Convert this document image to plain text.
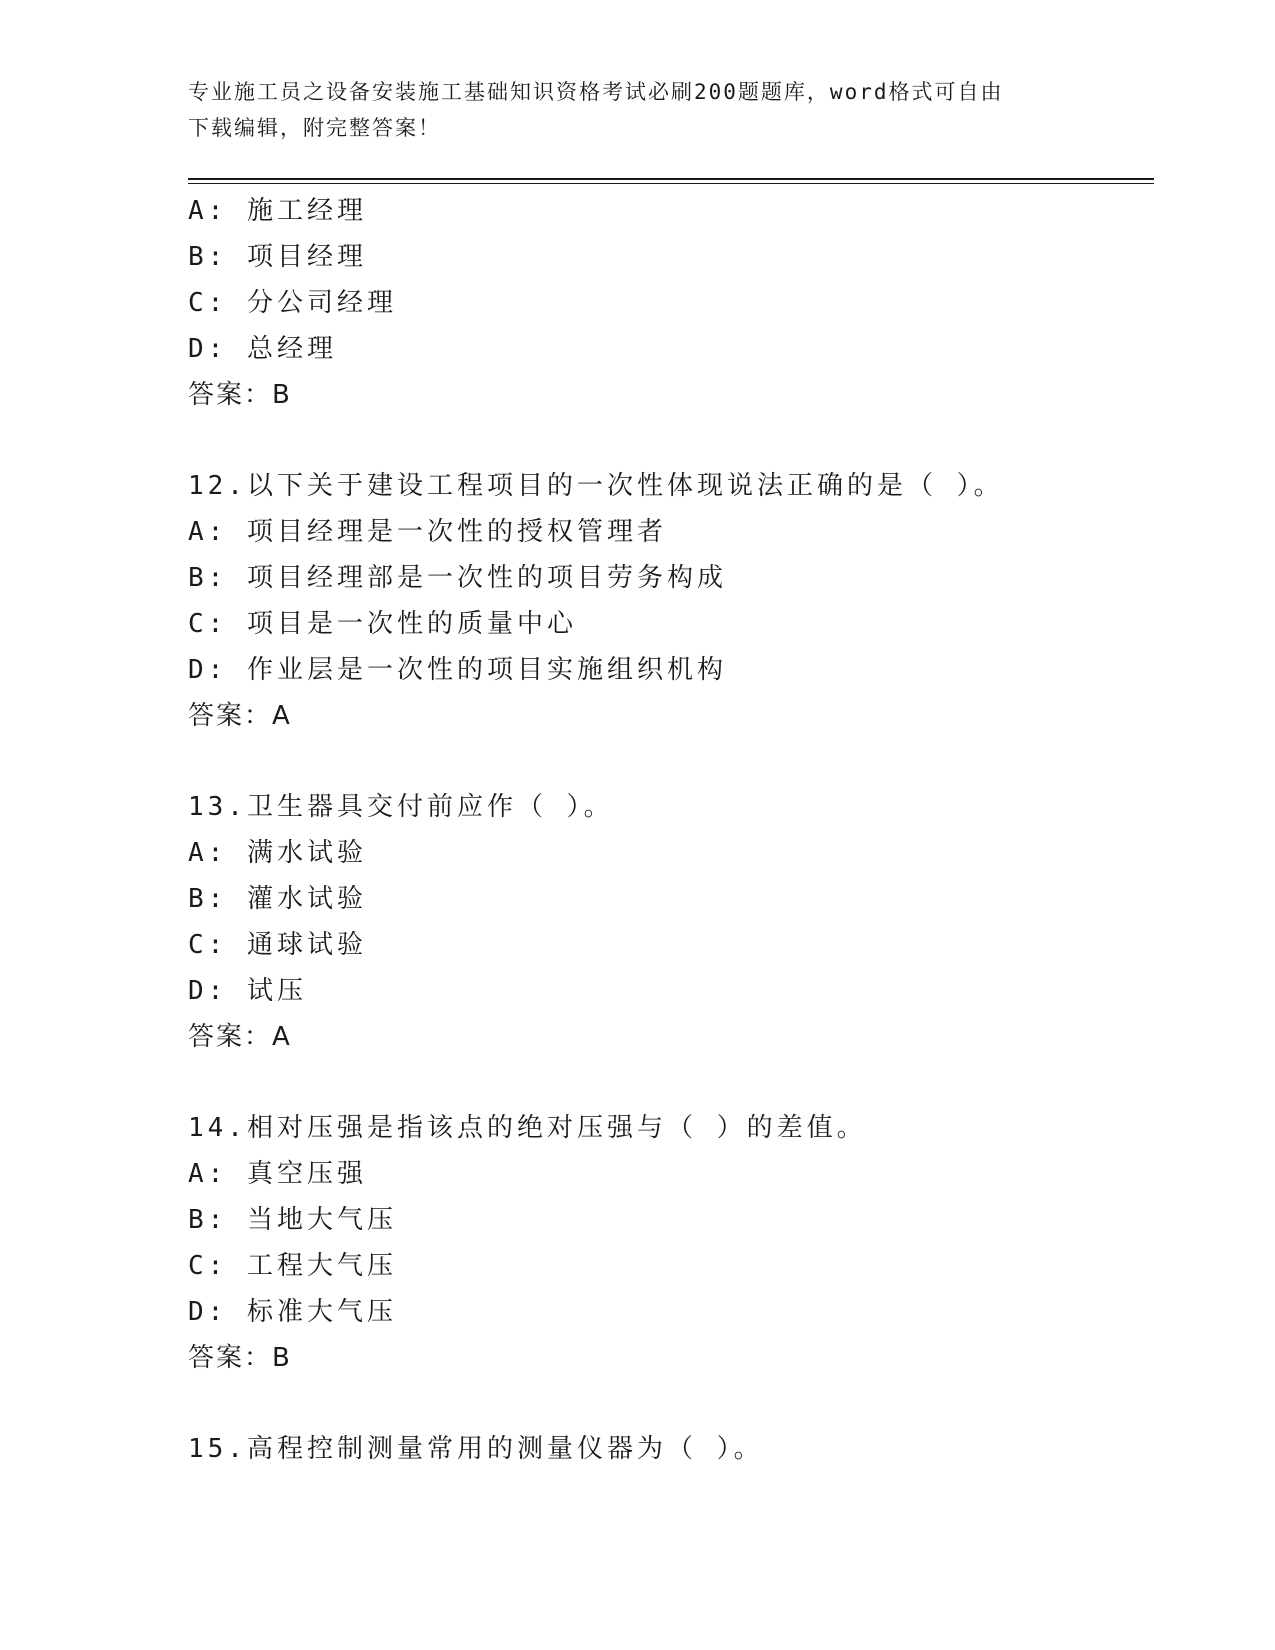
专业施工员之设备安装施工基础知识资格考试必刷200题题库，word格式可自由
下载编辑，附完整答案！
A: 施工经理
B: 项目经理
C: 分公司经理
D: 总经理
答案：B
12.以下关于建设工程项目的一次性体现说法正确的是（ ）。
A: 项目经理是一次性的授权管理者
B: 项目经理部是一次性的项目劳务构成
C: 项目是一次性的质量中心
D: 作业层是一次性的项目实施组织机构
答案：A
13.卫生器具交付前应作（ ）。
A: 满水试验
B: 灌水试验
C: 通球试验
D: 试压
答案：A
14.相对压强是指该点的绝对压强与（ ）的差值。
A: 真空压强
B: 当地大气压
C: 工程大气压
D: 标准大气压
答案：B
15.高程控制测量常用的测量仪器为（ ）。
